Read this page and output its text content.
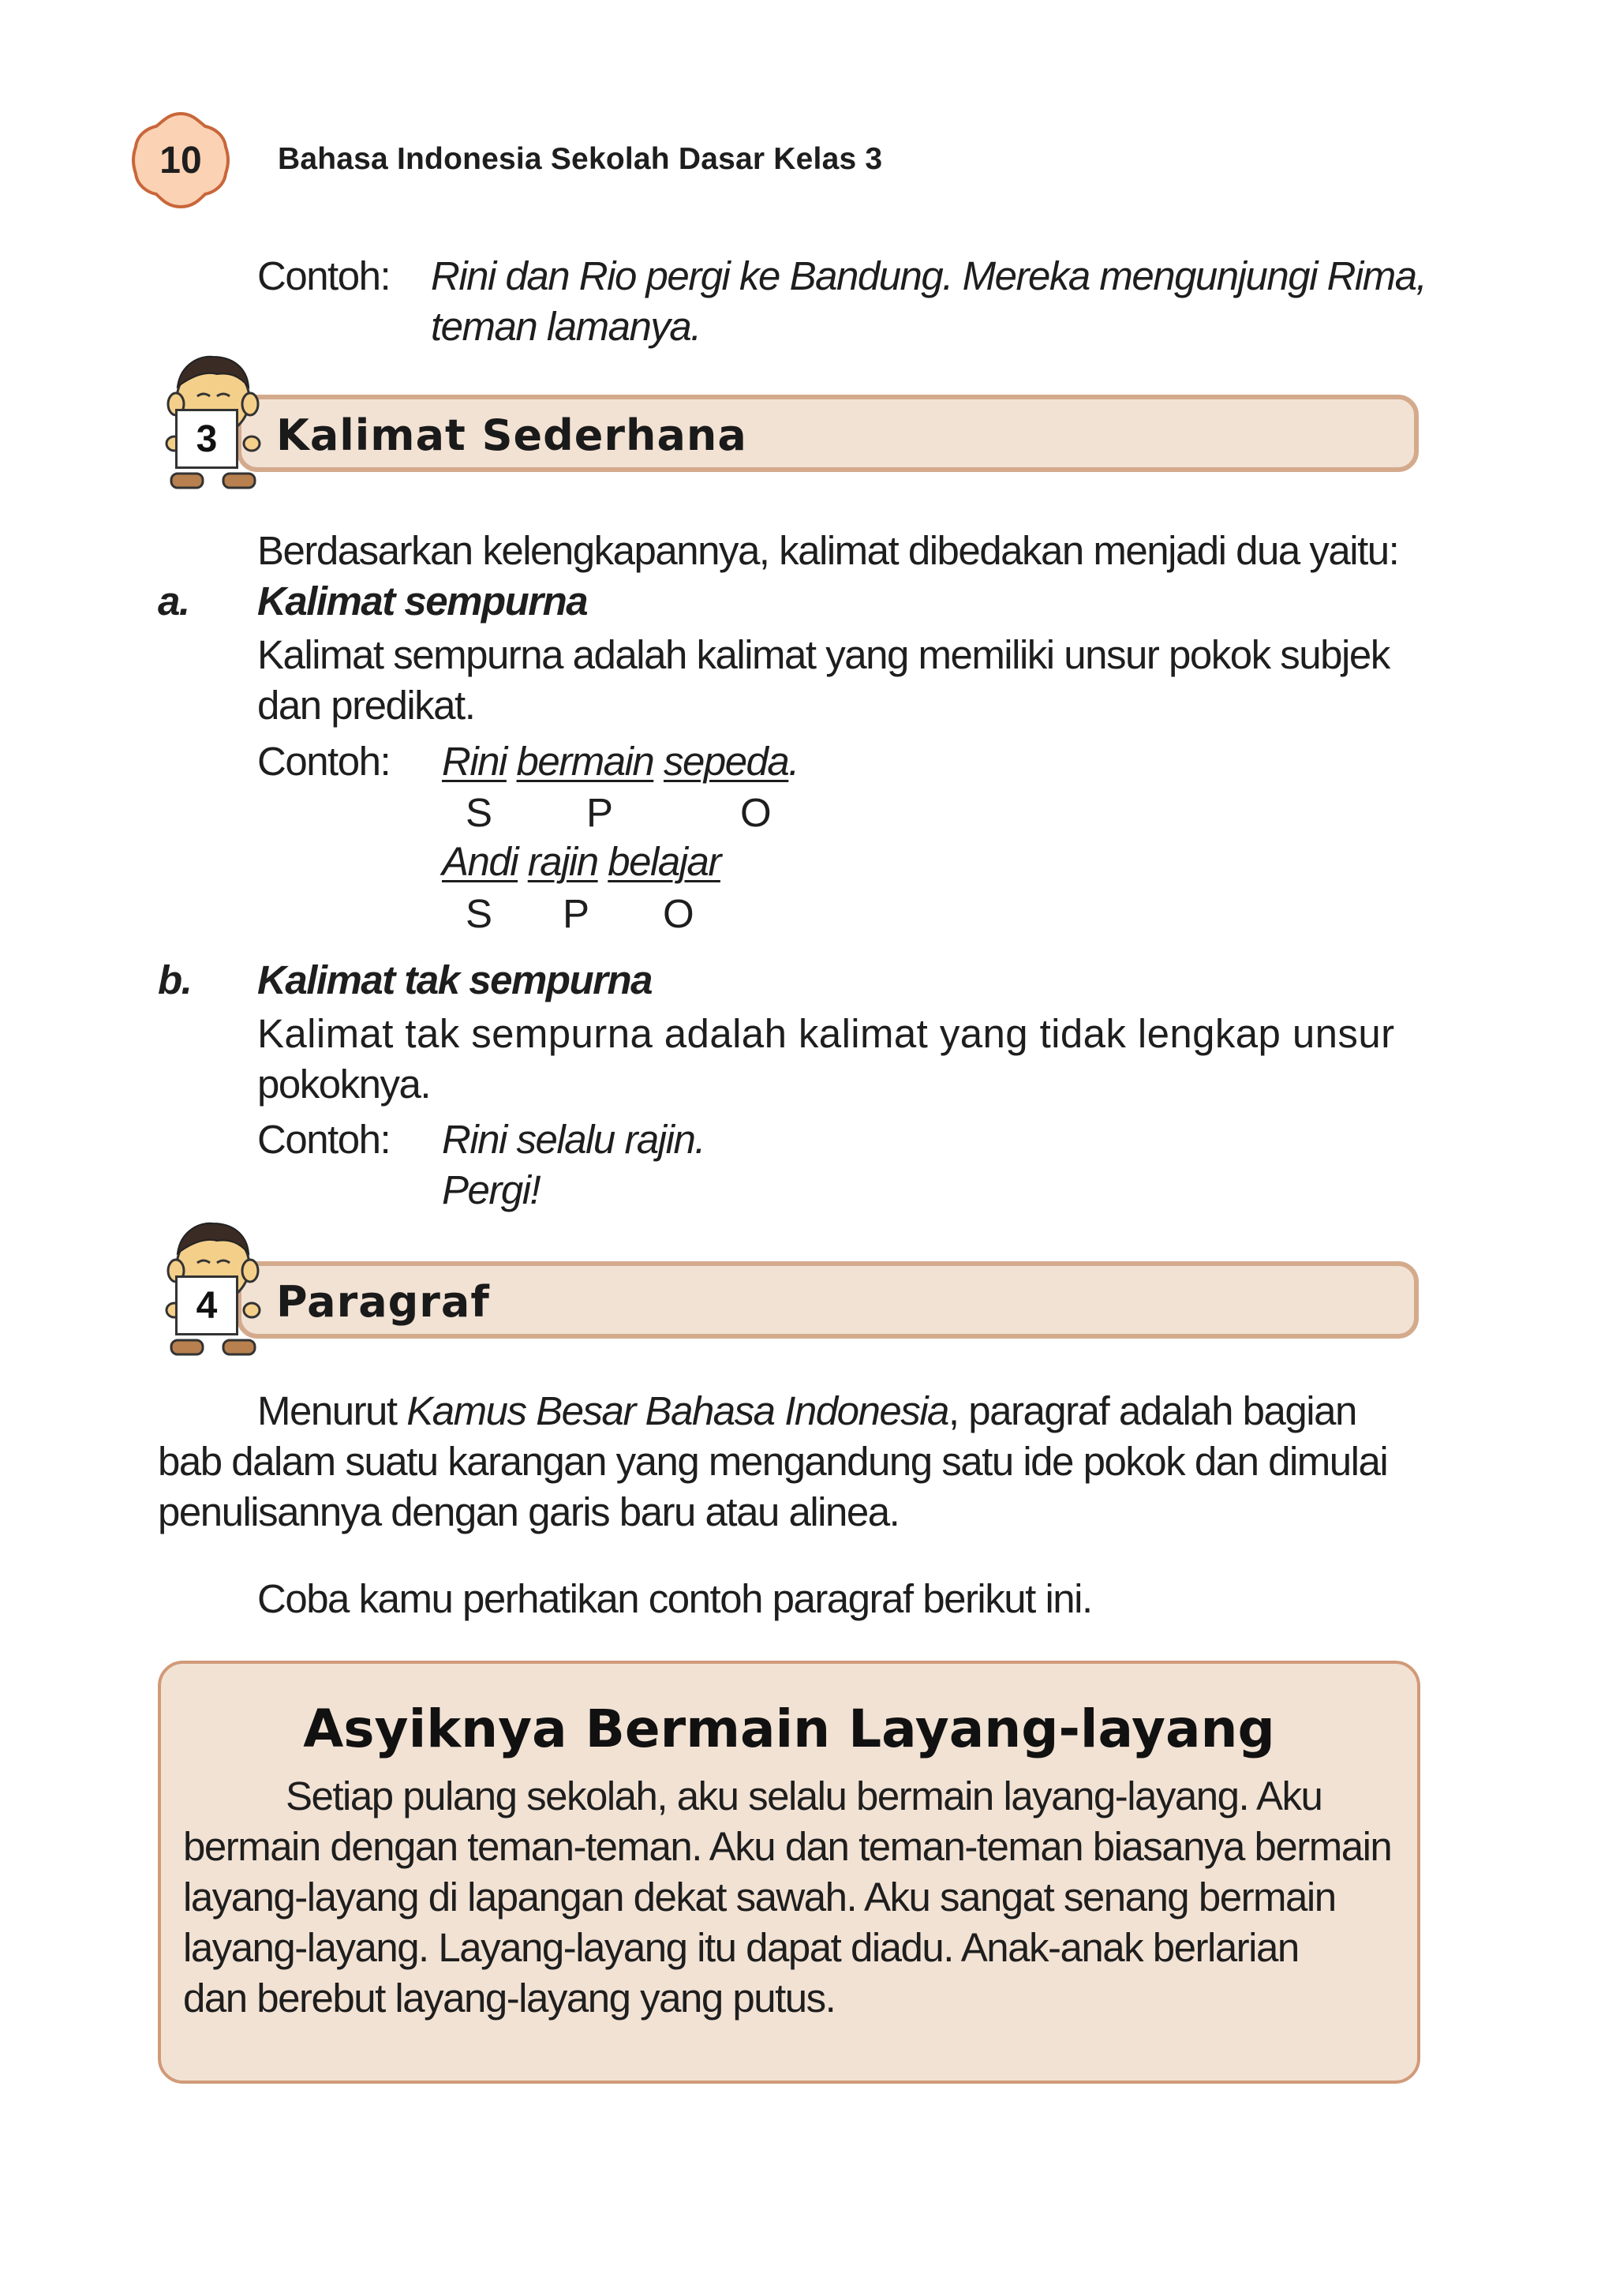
10	Bahasa Indonesia Sekolah Dasar Kelas 3
Contoh: Rini dan Rio pergi ke Bandung. Mereka mengunjungi Rima,
teman lamanya.
3	Kalimat Sederhana
Berdasarkan kelengkapannya, kalimat dibedakan menjadi dua yaitu:
a. Kalimat sempurna
Kalimat sempurna adalah kalimat yang memiliki unsur pokok subjek
dan predikat.
Contoh: Rini bermain sepeda.
S P	O
Andi rajin belajar
S P O
b. Kalimat tak sempurna
Kalimat tak sempurna adalah kalimat yang tidak lengkap unsur
pokoknya.
Contoh: Rini selalu rajin.
Pergi!
4	Paragraf
Menurut Kamus Besar Bahasa Indonesia, paragraf adalah bagian
bab dalam suatu karangan yang mengandung satu ide pokok dan dimulai
penulisannya dengan garis baru atau alinea.
Coba kamu perhatikan contoh paragraf berikut ini.
Asyiknya Bermain Layang-layang
Setiap pulang sekolah, aku selalu bermain layang-layang. Aku
bermain dengan teman-teman. Aku dan teman-teman biasanya bermain
layang-layang di lapangan dekat sawah. Aku sangat senang bermain
layang-layang. Layang-layang itu dapat diadu. Anak-anak berlarian
dan berebut layang-layang yang putus.
